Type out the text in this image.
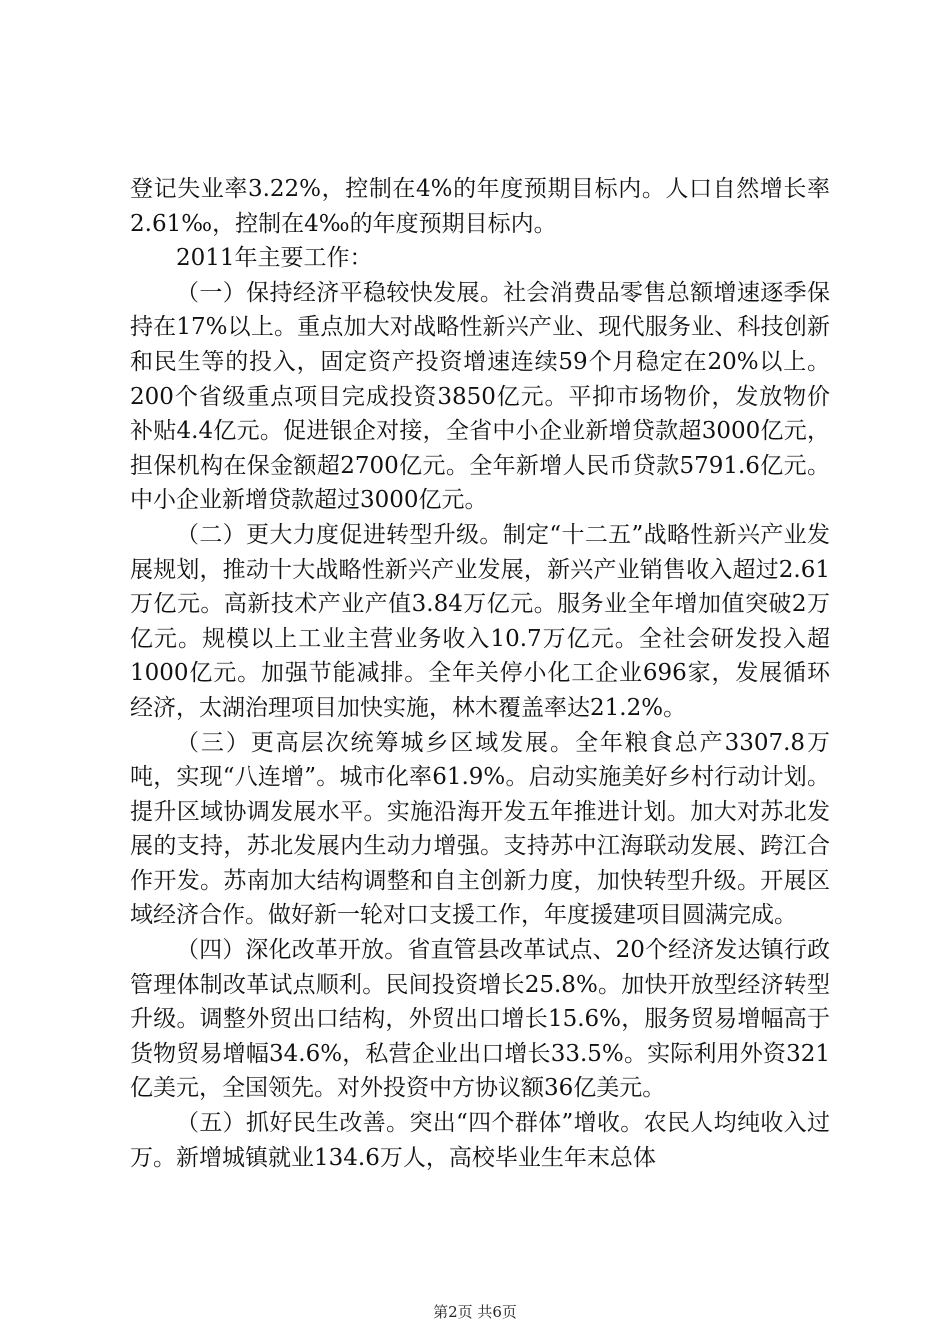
登记失业率3.22%，控制在4%的年度预期目标内。人口自然增长率2.61‰，控制在4‰的年度预期目标内。

2011年主要工作：

（一）保持经济平稳较快发展。社会消费品零售总额增速逐季保持在17%以上。重点加大对战略性新兴产业、现代服务业、科技创新和民生等的投入，固定资产投资增速连续59个月稳定在20%以上。200个省级重点项目完成投资3850亿元。平抑市场物价，发放物价补贴4.4亿元。促进银企对接，全省中小企业新增贷款超3000亿元，担保机构在保金额超2700亿元。全年新增人民币贷款5791.6亿元。中小企业新增贷款超过3000亿元。

（二）更大力度促进转型升级。制定“十二五”战略性新兴产业发展规划，推动十大战略性新兴产业发展，新兴产业销售收入超过2.61万亿元。高新技术产业产值3.84万亿元。服务业全年增加值突破2万亿元。规模以上工业主营业务收入10.7万亿元。全社会研发投入超1000亿元。加强节能减排。全年关停小化工企业696家，发展循环经济，太湖治理项目加快实施，林木覆盖率达21.2%。

（三）更高层次统筹城乡区域发展。全年粮食总产3307.8万吨，实现“八连增”。城市化率61.9%。启动实施美好乡村行动计划。提升区域协调发展水平。实施沿海开发五年推进计划。加大对苏北发展的支持，苏北发展内生动力增强。支持苏中江海联动发展、跨江合作开发。苏南加大结构调整和自主创新力度，加快转型升级。开展区域经济合作。做好新一轮对口支援工作，年度援建项目圆满完成。

（四）深化改革开放。省直管县改革试点、20个经济发达镇行政管理体制改革试点顺利。民间投资增长25.8%。加快开放型经济转型升级。调整外贸出口结构，外贸出口增长15.6%，服务贸易增幅高于货物贸易增幅34.6%，私营企业出口增长33.5%。实际利用外资321亿美元，全国领先。对外投资中方协议额36亿美元。

（五）抓好民生改善。突出“四个群体”增收。农民人均纯收入过万。新增城镇就业134.6万人，高校毕业生年末总体

第2页 共6页
